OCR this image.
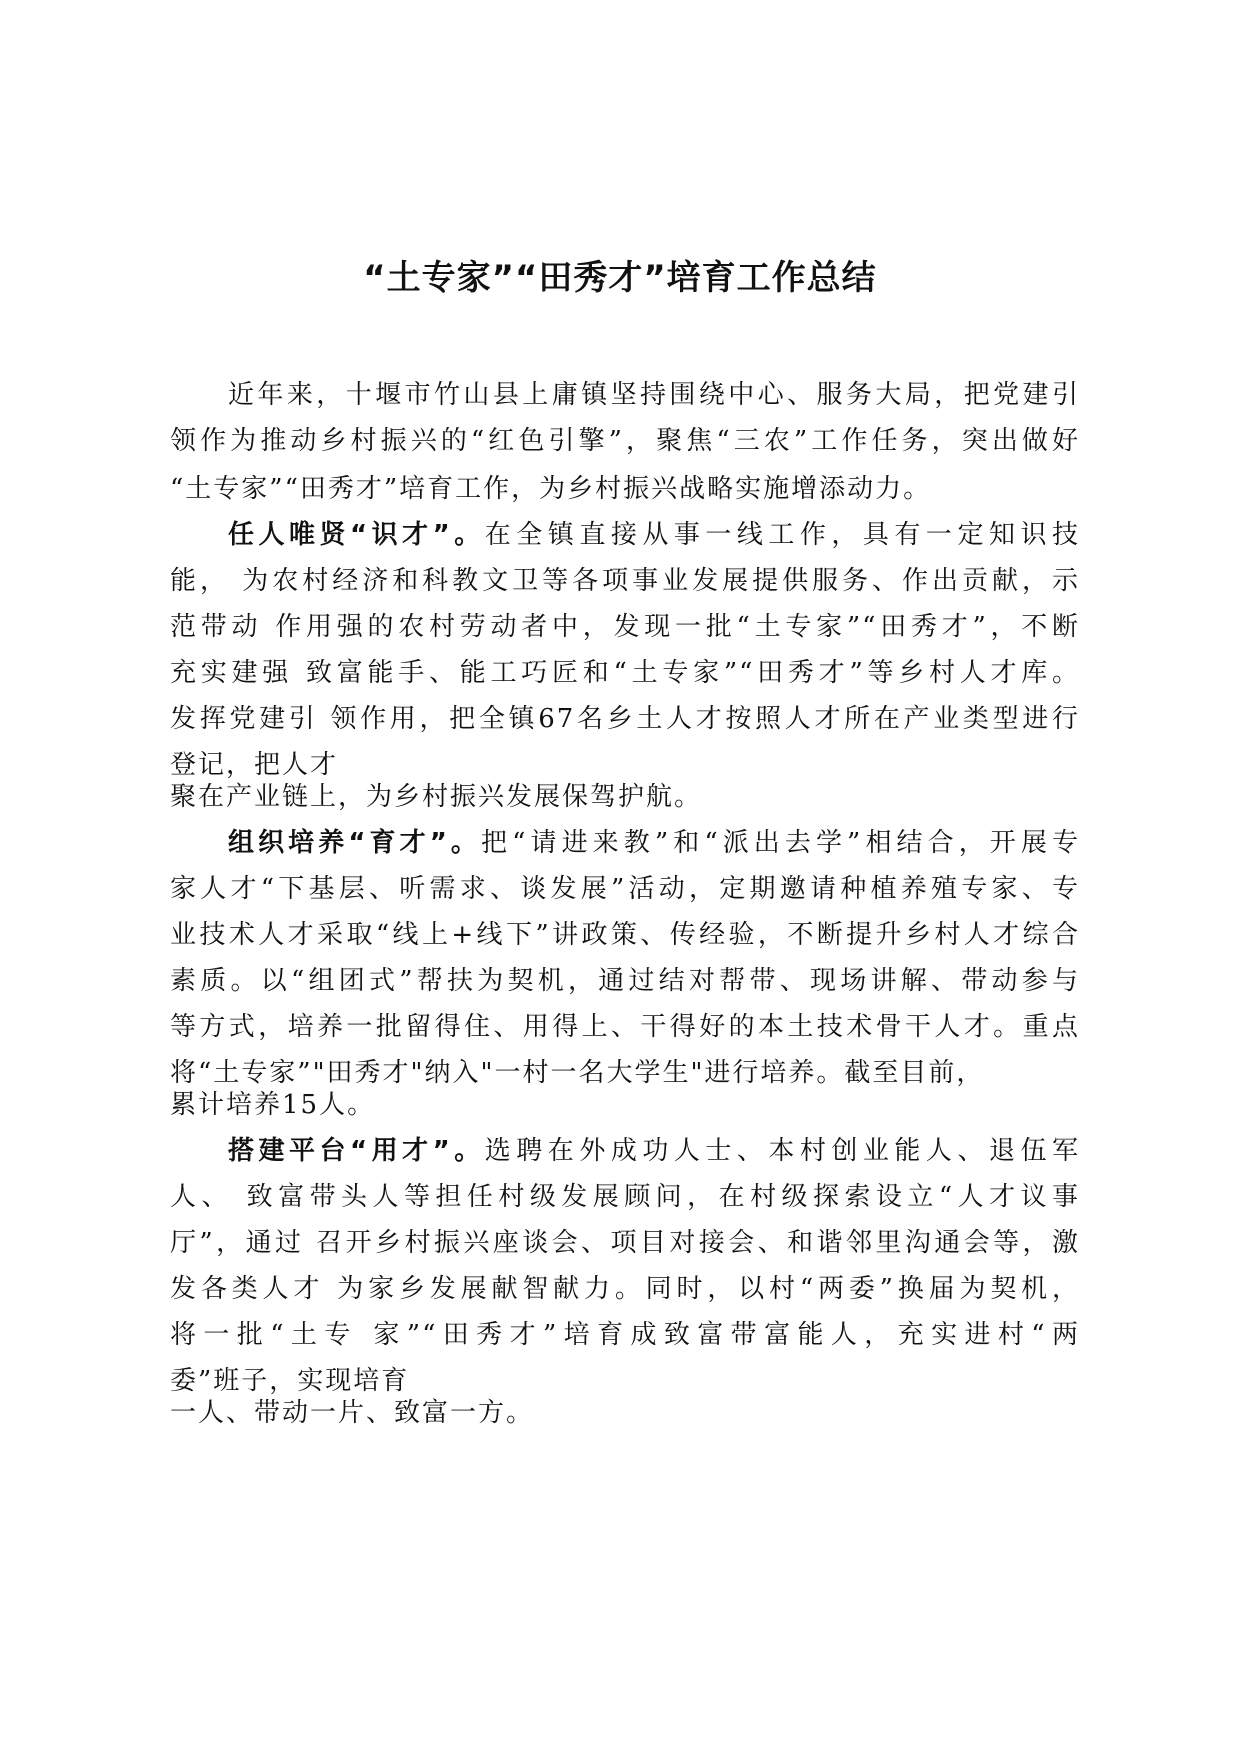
“土专家”“田秀才”培育工作总结
近年来，十堰市竹山县上庸镇坚持围绕中心、服务大局，把党建引
领作为推动乡村振兴的“红色引擎”，聚焦“三农”工作任务，突出做好
“土专家”“田秀才”培育工作，为乡村振兴战略实施增添动力。
任人唯贤“识才”。在全镇直接从事一线工作，具有一定知识技
能， 为农村经济和科教文卫等各项事业发展提供服务、作出贡献，示
范带动 作用强的农村劳动者中，发现一批“土专家”“田秀才”，不断
充实建强 致富能手、能工巧匠和“土专家”“田秀才”等乡村人才库。
发挥党建引 领作用，把全镇67名乡土人才按照人才所在产业类型进行
登记，把人才
聚在产业链上，为乡村振兴发展保驾护航。
组织培养“育才”。把“请进来教”和“派出去学”相结合，开展专
家人才“下基层、听需求、谈发展”活动，定期邀请种植养殖专家、专
业技术人才采取“线上+线下”讲政策、传经验，不断提升乡村人才综合
素质。以“组团式”帮扶为契机，通过结对帮带、现场讲解、带动参与
等方式，培养一批留得住、用得上、干得好的本土技术骨干人才。重点
将“土专家”"田秀才"纳入"一村一名大学生"进行培养。截至目前，
累计培养15人。
搭建平台“用才”。选聘在外成功人士、本村创业能人、退伍军
人、 致富带头人等担任村级发展顾问，在村级探索设立“人才议事
厅”，通过 召开乡村振兴座谈会、项目对接会、和谐邻里沟通会等，激
发各类人才 为家乡发展献智献力。同时，以村“两委”换届为契机，
将一批“土专 家”“田秀才”培育成致富带富能人，充实进村“两
委”班子，实现培育
一人、带动一片、致富一方。
